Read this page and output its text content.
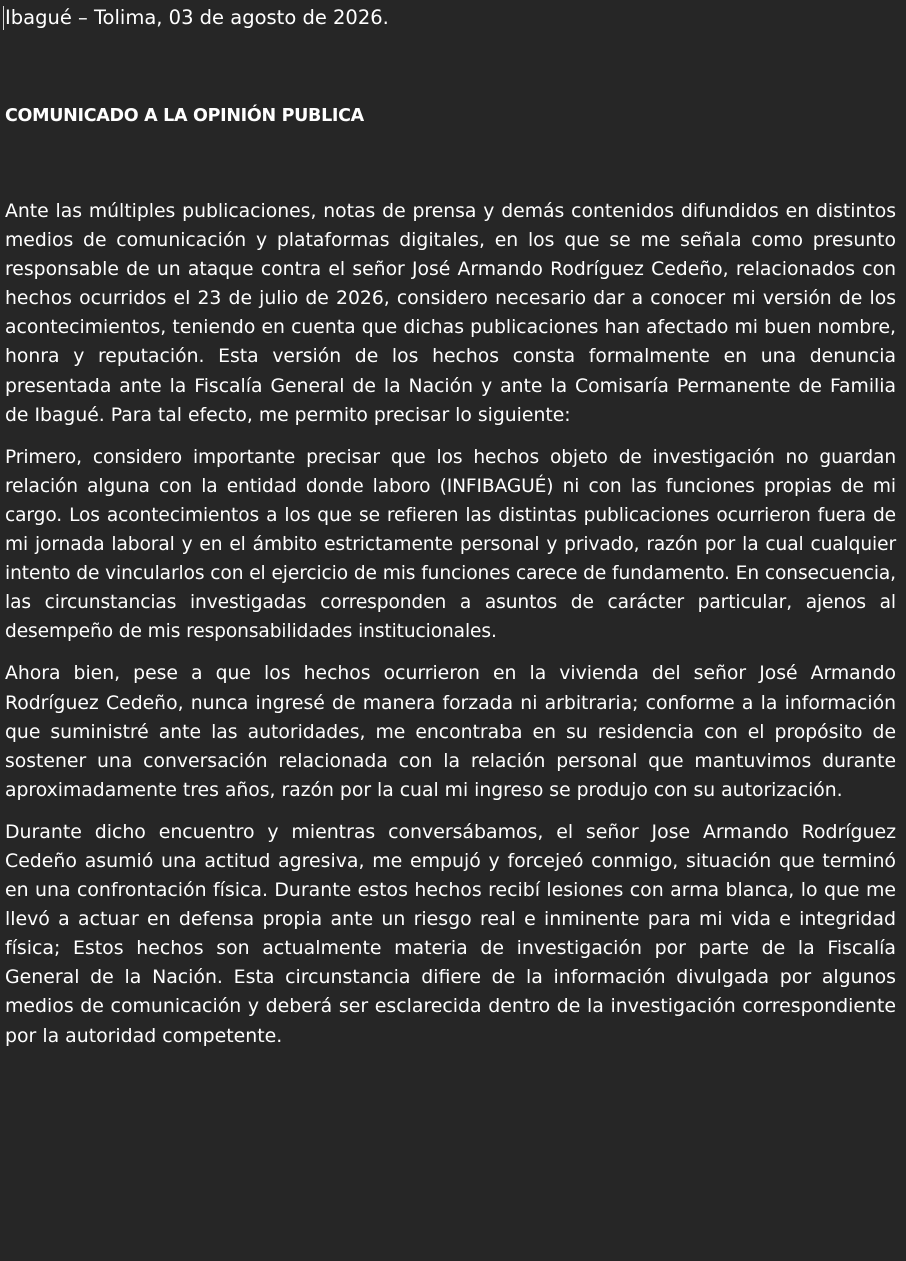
Ibagué – Tolima, 03 de agosto de 2026.

COMUNICADO A LA OPINIÓN PUBLICA

Ante las múltiples publicaciones, notas de prensa y demás contenidos difundidos en distintos medios de comunicación y plataformas digitales, en los que se me señala como presunto responsable de un ataque contra el señor José Armando Rodríguez Cedeño, relacionados con hechos ocurridos el 23 de julio de 2026, considero necesario dar a conocer mi versión de los acontecimientos, teniendo en cuenta que dichas publicaciones han afectado mi buen nombre, honra y reputación. Esta versión de los hechos consta formalmente en una denuncia presentada ante la Fiscalía General de la Nación y ante la Comisaría Permanente de Familia de Ibagué. Para tal efecto, me permito precisar lo siguiente:

Primero, considero importante precisar que los hechos objeto de investigación no guardan relación alguna con la entidad donde laboro (INFIBAGUÉ) ni con las funciones propias de mi cargo. Los acontecimientos a los que se refieren las distintas publicaciones ocurrieron fuera de mi jornada laboral y en el ámbito estrictamente personal y privado, razón por la cual cualquier intento de vincularlos con el ejercicio de mis funciones carece de fundamento. En consecuencia, las circunstancias investigadas corresponden a asuntos de carácter particular, ajenos al desempeño de mis responsabilidades institucionales.

Ahora bien, pese a que los hechos ocurrieron en la vivienda del señor José Armando Rodríguez Cedeño, nunca ingresé de manera forzada ni arbitraria; conforme a la información que suministré ante las autoridades, me encontraba en su residencia con el propósito de sostener una conversación relacionada con la relación personal que mantuvimos durante aproximadamente tres años, razón por la cual mi ingreso se produjo con su autorización.

Durante dicho encuentro y mientras conversábamos, el señor Jose Armando Rodríguez Cedeño asumió una actitud agresiva, me empujó y forcejeó conmigo, situación que terminó en una confrontación física. Durante estos hechos recibí lesiones con arma blanca, lo que me llevó a actuar en defensa propia ante un riesgo real e inminente para mi vida e integridad física; Estos hechos son actualmente materia de investigación por parte de la Fiscalía General de la Nación. Esta circunstancia difiere de la información divulgada por algunos medios de comunicación y deberá ser esclarecida dentro de la investigación correspondiente por la autoridad competente.
